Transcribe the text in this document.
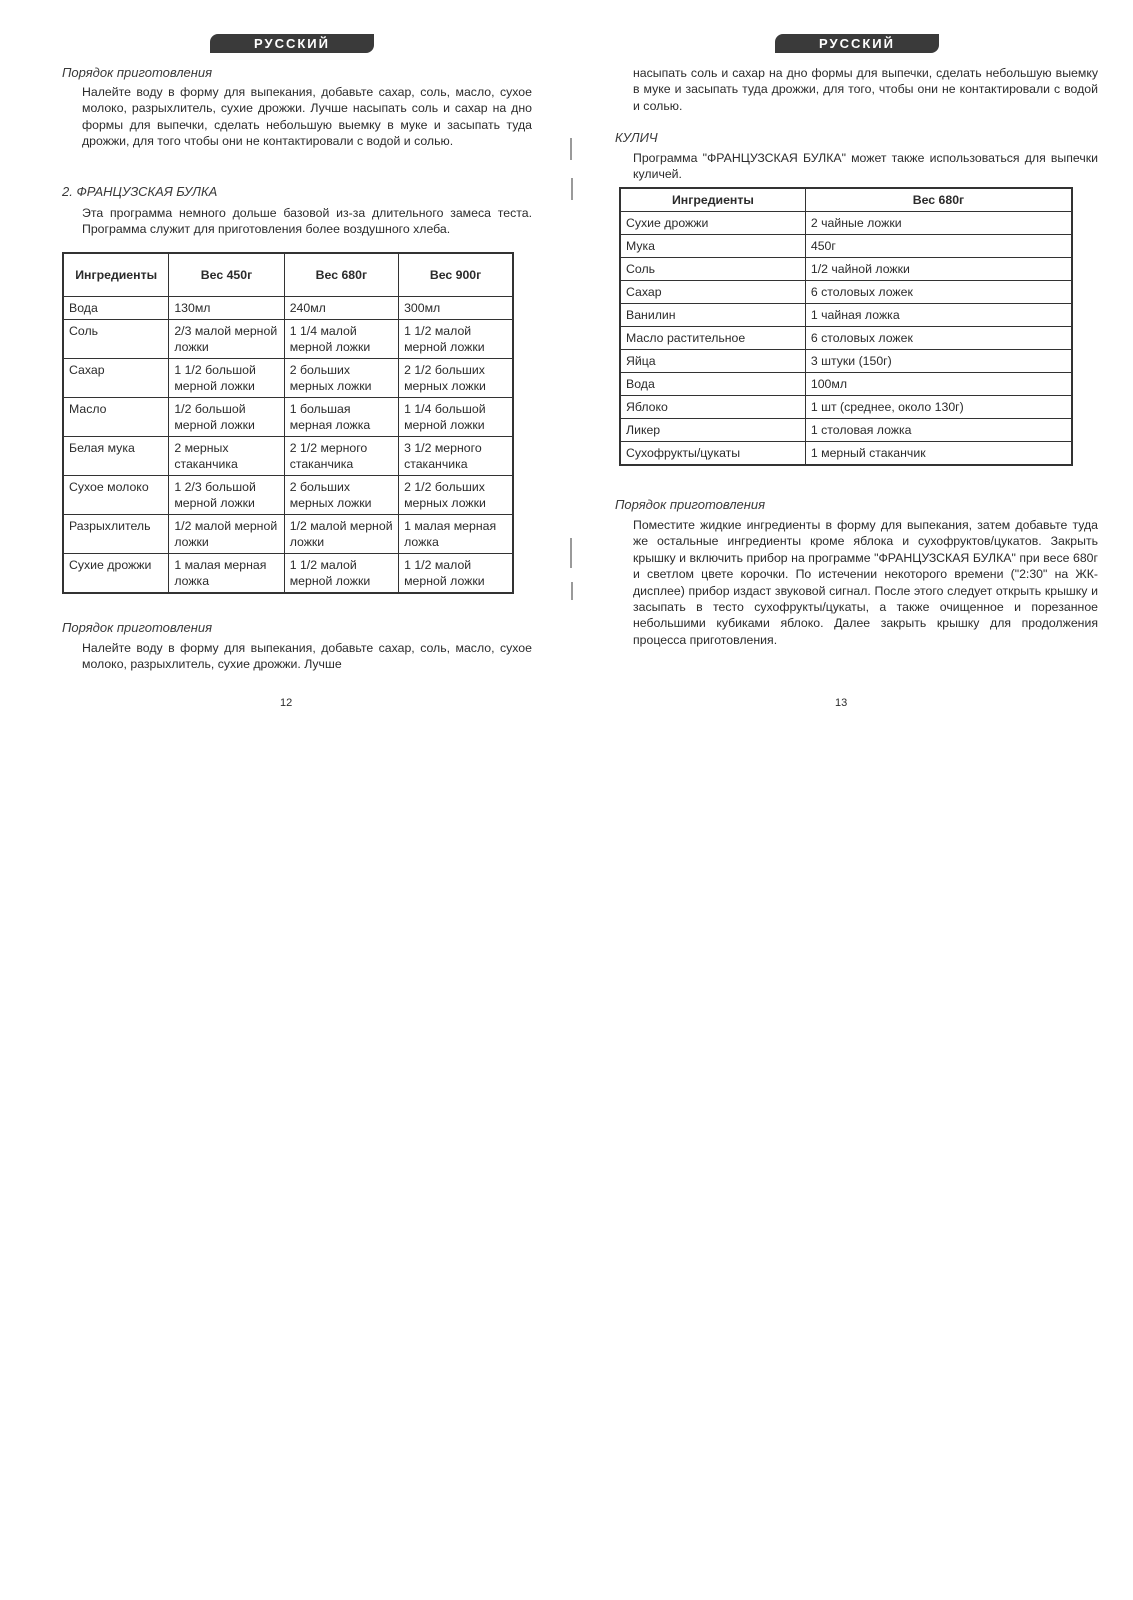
РУССКИЙ
Порядок приготовления
Налейте воду в форму для выпекания, добавьте сахар, соль, масло, сухое молоко, разрыхлитель, сухие дрожжи. Лучше насыпать соль и сахар на дно формы для выпечки, сделать небольшую выемку в муке и засыпать туда дрожжи, для того чтобы они не контактировали с водой и солью.
2. ФРАНЦУЗСКАЯ БУЛКА
Эта программа немного дольше базовой из-за длительного замеса теста. Программа служит для приготовления более воздушного хлеба.
Ингредиенты	Вес 450г	Вес 680г	Вес 900г
Вода	130мл	240мл	300мл
Соль	2/3 малой мерной ложки	1 1/4 малой мерной ложки	1 1/2 малой мерной ложки
Сахар	1 1/2 большой мерной ложки	2 больших мерных ложки	2 1/2 больших мерных ложки
Масло	1/2 большой мерной ложки	1 большая мерная ложка	1 1/4 большой мерной ложки
Белая мука	2 мерных стаканчика	2 1/2 мерного стаканчика	3 1/2 мерного стаканчика
Сухое молоко	1 2/3 большой мерной ложки	2 больших мерных ложки	2 1/2 больших мерных ложки
Разрыхлитель	1/2 малой мерной ложки	1/2 малой мерной ложки	1 малая мерная ложка
Сухие дрожжи	1 малая мерная ложка	1 1/2 малой мерной ложки	1 1/2 малой мерной ложки
Порядок приготовления
Налейте воду в форму для выпекания, добавьте сахар, соль, масло, сухое молоко, разрыхлитель, сухие дрожжи. Лучше
12
РУССКИЙ
насыпать соль и сахар на дно формы для выпечки, сделать небольшую выемку в муке и засыпать туда дрожжи, для того, чтобы они не контактировали с водой и солью.
КУЛИЧ
Программа "ФРАНЦУЗСКАЯ БУЛКА" может также использоваться для выпечки куличей.
Ингредиенты	Вес 680г
Сухие дрожжи	2 чайные ложки
Мука	450г
Соль	1/2 чайной ложки
Сахар	6 столовых ложек
Ванилин	1 чайная ложка
Масло растительное	6 столовых ложек
Яйца	3 штуки (150г)
Вода	100мл
Яблоко	1 шт (среднее, около 130г)
Ликер	1 столовая ложка
Сухофрукты/цукаты	1 мерный стаканчик
Порядок приготовления
Поместите жидкие ингредиенты в форму для выпекания, затем добавьте туда же остальные ингредиенты кроме яблока и сухофруктов/цукатов. Закрыть крышку и включить прибор на программе "ФРАНЦУЗСКАЯ БУЛКА" при весе 680г и светлом цвете корочки. По истечении некоторого времени ("2:30" на ЖК-дисплее) прибор издаст звуковой сигнал. После этого следует открыть крышку и засыпать в тесто сухофрукты/цукаты, а также очищенное и порезанное небольшими кубиками яблоко. Далее закрыть крышку для продолжения процесса приготовления.
13
